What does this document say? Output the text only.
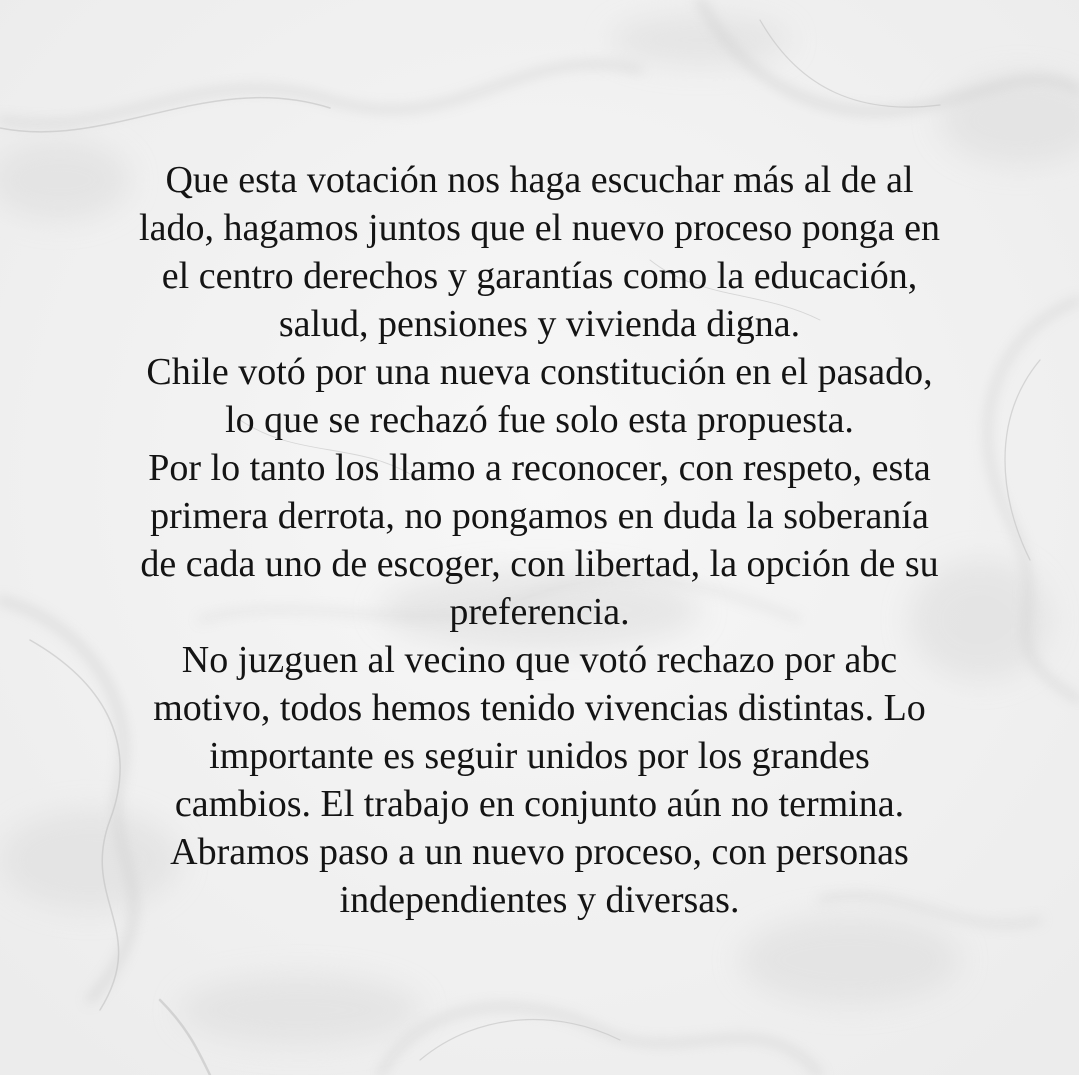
Que esta votación nos haga escuchar más al de al
lado, hagamos juntos que el nuevo proceso ponga en
el centro derechos y garantías como la educación,
salud, pensiones y vivienda digna.
Chile votó por una nueva constitución en el pasado,
lo que se rechazó fue solo esta propuesta.
Por lo tanto los llamo a reconocer, con respeto, esta
primera derrota, no pongamos en duda la soberanía
de cada uno de escoger, con libertad, la opción de su
preferencia.
No juzguen al vecino que votó rechazo por abc
motivo, todos hemos tenido vivencias distintas. Lo
importante es seguir unidos por los grandes
cambios. El trabajo en conjunto aún no termina.
Abramos paso a un nuevo proceso, con personas
independientes y diversas.
